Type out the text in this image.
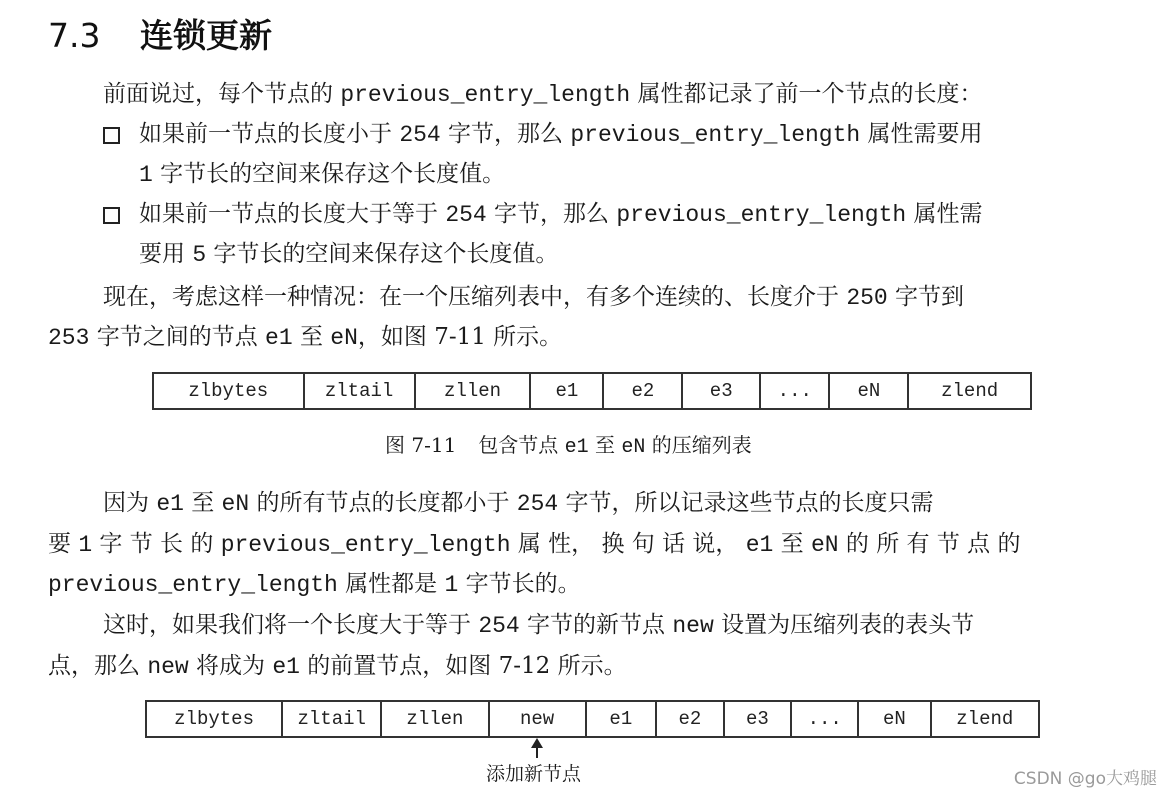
7.3 连锁更新
前面说过，每个节点的 previous_entry_length 属性都记录了前一个节点的长度：
如果前一节点的长度小于 254 字节，那么 previous_entry_length 属性需要用
1 字节长的空间来保存这个长度值。
如果前一节点的长度大于等于 254 字节，那么 previous_entry_length 属性需
要用 5 字节长的空间来保存这个长度值。
现在，考虑这样一种情况：在一个压缩列表中，有多个连续的、长度介于 250 字节到
253 字节之间的节点 e1 至 eN，如图 7-11 所示。
zlbytes	zltail	zllen	e1	e2	e3	...	eN	zlend
图 7-11 包含节点 e1 至 eN 的压缩列表
因为 e1 至 eN 的所有节点的长度都小于 254 字节，所以记录这些节点的长度只需
要 1 字 节 长 的 previous_entry_length 属 性， 换 句 话 说， e1 至 eN 的 所 有 节 点 的
previous_entry_length 属性都是 1 字节长的。
这时，如果我们将一个长度大于等于 254 字节的新节点 new 设置为压缩列表的表头节
点，那么 new 将成为 e1 的前置节点，如图 7-12 所示。
zlbytes	zltail	zllen	new	e1	e2	e3	...	eN	zlend
添加新节点	CSDN @go大鸡腿
